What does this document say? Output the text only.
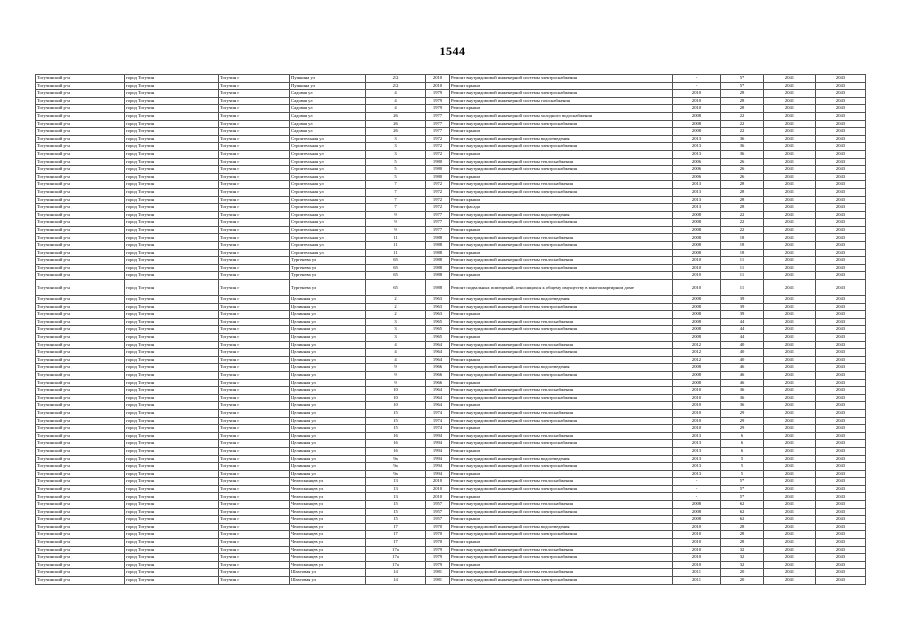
1544
Тогучинский р-н	город Тогучин	Тогучин г	Пушкина ул	2/2	2010	Ремонт внутридомовой инженерной системы электроснабжения	-	5*	2041	2043
Тогучинский р-н	город Тогучин	Тогучин г	Пушкина ул	2/2	2010	Ремонт крыши	-	5*	2041	2043
Тогучинский р-н	город Тогучин	Тогучин г	Садовая ул	4	1979	Ремонт внутридомовой инженерной системы электроснабжения	2010	28	2041	2043
Тогучинский р-н	город Тогучин	Тогучин г	Садовая ул	4	1979	Ремонт внутридомовой инженерной системы газоснабжения	2010	28	2041	2043
Тогучинский р-н	город Тогучин	Тогучин г	Садовая ул	4	1979	Ремонт крыши	2010	28	2041	2043
Тогучинский р-н	город Тогучин	Тогучин г	Садовая ул	26	1977	Ремонт внутридомовой инженерной системы холодного водоснабжения	2008	22	2041	2043
Тогучинский р-н	город Тогучин	Тогучин г	Садовая ул	26	1977	Ремонт внутридомовой инженерной системы электроснабжения	2008	22	2041	2043
Тогучинский р-н	город Тогучин	Тогучин г	Садовая ул	26	1977	Ремонт крыши	2008	22	2041	2043
Тогучинский р-н	город Тогучин	Тогучин г	Строительная ул	3	1972	Ремонт внутридомовой инженерной системы водоотведения	2013	36	2041	2043
Тогучинский р-н	город Тогучин	Тогучин г	Строительная ул	3	1972	Ремонт внутридомовой инженерной системы электроснабжения	2013	36	2041	2043
Тогучинский р-н	город Тогучин	Тогучин г	Строительная ул	3	1972	Ремонт крыши	2013	36	2041	2043
Тогучинский р-н	город Тогучин	Тогучин г	Строительная ул	5	1980	Ремонт внутридомовой инженерной системы теплоснабжения	2006	26	2041	2043
Тогучинский р-н	город Тогучин	Тогучин г	Строительная ул	5	1980	Ремонт внутридомовой инженерной системы электроснабжения	2006	26	2041	2043
Тогучинский р-н	город Тогучин	Тогучин г	Строительная ул	5	1980	Ремонт крыши	2006	26	2041	2043
Тогучинский р-н	город Тогучин	Тогучин г	Строительная ул	7	1972	Ремонт внутридомовой инженерной системы теплоснабжения	2013	28	2041	2043
Тогучинский р-н	город Тогучин	Тогучин г	Строительная ул	7	1972	Ремонт внутридомовой инженерной системы электроснабжения	2013	28	2041	2043
Тогучинский р-н	город Тогучин	Тогучин г	Строительная ул	7	1972	Ремонт крыши	2013	28	2041	2043
Тогучинский р-н	город Тогучин	Тогучин г	Строительная ул	7	1972	Ремонт фасада	2013	28	2041	2043
Тогучинский р-н	город Тогучин	Тогучин г	Строительная ул	9	1977	Ремонт внутридомовой инженерной системы водоотведения	2008	22	2041	2043
Тогучинский р-н	город Тогучин	Тогучин г	Строительная ул	9	1977	Ремонт внутридомовой инженерной системы электроснабжения	2008	22	2041	2043
Тогучинский р-н	город Тогучин	Тогучин г	Строительная ул	9	1977	Ремонт крыши	2008	22	2041	2043
Тогучинский р-н	город Тогучин	Тогучин г	Строительная ул	11	1988	Ремонт внутридомовой инженерной системы теплоснабжения	2008	18	2041	2043
Тогучинский р-н	город Тогучин	Тогучин г	Строительная ул	11	1988	Ремонт внутридомовой инженерной системы электроснабжения	2008	18	2041	2043
Тогучинский р-н	город Тогучин	Тогучин г	Строительная ул	11	1988	Ремонт крыши	2008	18	2041	2043
Тогучинский р-н	город Тогучин	Тогучин г	Тургенева ул	65	1988	Ремонт внутридомовой инженерной системы теплоснабжения	2010	11	2041	2043
Тогучинский р-н	город Тогучин	Тогучин г	Тургенева ул	65	1988	Ремонт внутридомовой инженерной системы электроснабжения	2010	11	2041	2043
Тогучинский р-н	город Тогучин	Тогучин г	Тургенева ул	65	1988	Ремонт крыши	2010	11	2041	2043
Тогучинский р-н	город Тогучин	Тогучин г	Тургенева ул	65	1988	Ремонт подвальных помещений, относящихся к общему имуществу в многоквартирном доме	2010	11	2041	2043
Тогучинский р-н	город Тогучин	Тогучин г	Целинная ул	2	1963	Ремонт внутридомовой инженерной системы водоотведения	2008	39	2041	2043
Тогучинский р-н	город Тогучин	Тогучин г	Целинная ул	2	1963	Ремонт внутридомовой инженерной системы электроснабжения	2008	39	2041	2043
Тогучинский р-н	город Тогучин	Тогучин г	Целинная ул	2	1963	Ремонт крыши	2008	39	2041	2043
Тогучинский р-н	город Тогучин	Тогучин г	Целинная ул	3	1965	Ремонт внутридомовой инженерной системы теплоснабжения	2008	44	2041	2043
Тогучинский р-н	город Тогучин	Тогучин г	Целинная ул	3	1965	Ремонт внутридомовой инженерной системы электроснабжения	2008	44	2041	2043
Тогучинский р-н	город Тогучин	Тогучин г	Целинная ул	3	1965	Ремонт крыши	2008	44	2041	2043
Тогучинский р-н	город Тогучин	Тогучин г	Целинная ул	4	1964	Ремонт внутридомовой инженерной системы теплоснабжения	2012	40	2041	2043
Тогучинский р-н	город Тогучин	Тогучин г	Целинная ул	4	1964	Ремонт внутридомовой инженерной системы электроснабжения	2012	40	2041	2043
Тогучинский р-н	город Тогучин	Тогучин г	Целинная ул	4	1964	Ремонт крыши	2012	40	2041	2043
Тогучинский р-н	город Тогучин	Тогучин г	Целинная ул	9	1966	Ремонт внутридомовой инженерной системы водоотведения	2008	46	2041	2043
Тогучинский р-н	город Тогучин	Тогучин г	Целинная ул	9	1966	Ремонт внутридомовой инженерной системы электроснабжения	2008	46	2041	2043
Тогучинский р-н	город Тогучин	Тогучин г	Целинная ул	9	1966	Ремонт крыши	2008	46	2041	2043
Тогучинский р-н	город Тогучин	Тогучин г	Целинная ул	10	1964	Ремонт внутридомовой инженерной системы теплоснабжения	2010	36	2041	2043
Тогучинский р-н	город Тогучин	Тогучин г	Целинная ул	10	1964	Ремонт внутридомовой инженерной системы электроснабжения	2010	36	2041	2043
Тогучинский р-н	город Тогучин	Тогучин г	Целинная ул	10	1964	Ремонт крыши	2010	36	2041	2043
Тогучинский р-н	город Тогучин	Тогучин г	Целинная ул	15	1974	Ремонт внутридомовой инженерной системы теплоснабжения	2010	29	2041	2043
Тогучинский р-н	город Тогучин	Тогучин г	Целинная ул	15	1974	Ремонт внутридомовой инженерной системы электроснабжения	2010	29	2041	2043
Тогучинский р-н	город Тогучин	Тогучин г	Целинная ул	15	1974	Ремонт крыши	2010	29	2041	2043
Тогучинский р-н	город Тогучин	Тогучин г	Целинная ул	16	1994	Ремонт внутридомовой инженерной системы теплоснабжения	2013	6	2041	2043
Тогучинский р-н	город Тогучин	Тогучин г	Целинная ул	16	1994	Ремонт внутридомовой инженерной системы электроснабжения	2013	6	2041	2043
Тогучинский р-н	город Тогучин	Тогучин г	Целинная ул	16	1994	Ремонт крыши	2013	6	2041	2043
Тогучинский р-н	город Тогучин	Тогучин г	Целинная ул	9а	1994	Ремонт внутридомовой инженерной системы водоотведения	2013	5	2041	2043
Тогучинский р-н	город Тогучин	Тогучин г	Целинная ул	9а	1994	Ремонт внутридомовой инженерной системы электроснабжения	2013	5	2041	2043
Тогучинский р-н	город Тогучин	Тогучин г	Целинная ул	9а	1994	Ремонт крыши	2013	5	2041	2043
Тогучинский р-н	город Тогучин	Тогучин г	Челюскинцев ул	13	2010	Ремонт внутридомовой инженерной системы теплоснабжения	-	5*	2041	2043
Тогучинский р-н	город Тогучин	Тогучин г	Челюскинцев ул	13	2010	Ремонт внутридомовой инженерной системы электроснабжения	-	5*	2041	2043
Тогучинский р-н	город Тогучин	Тогучин г	Челюскинцев ул	13	2010	Ремонт крыши	-	5*	2041	2043
Тогучинский р-н	город Тогучин	Тогучин г	Челюскинцев ул	15	1957	Ремонт внутридомовой инженерной системы теплоснабжения	2008	62	2041	2043
Тогучинский р-н	город Тогучин	Тогучин г	Челюскинцев ул	15	1957	Ремонт внутридомовой инженерной системы электроснабжения	2008	62	2041	2043
Тогучинский р-н	город Тогучин	Тогучин г	Челюскинцев ул	15	1957	Ремонт крыши	2008	62	2041	2043
Тогучинский р-н	город Тогучин	Тогучин г	Челюскинцев ул	17	1970	Ремонт внутридомовой инженерной системы водоотведения	2010	28	2041	2043
Тогучинский р-н	город Тогучин	Тогучин г	Челюскинцев ул	17	1970	Ремонт внутридомовой инженерной системы электроснабжения	2010	28	2041	2043
Тогучинский р-н	город Тогучин	Тогучин г	Челюскинцев ул	17	1970	Ремонт крыши	2010	28	2041	2043
Тогучинский р-н	город Тогучин	Тогучин г	Челюскинцев ул	17а	1979	Ремонт внутридомовой инженерной системы теплоснабжения	2010	32	2041	2043
Тогучинский р-н	город Тогучин	Тогучин г	Челюскинцев ул	17а	1979	Ремонт внутридомовой инженерной системы электроснабжения	2010	32	2041	2043
Тогучинский р-н	город Тогучин	Тогучин г	Челюскинцев ул	17а	1979	Ремонт крыши	2010	32	2041	2043
Тогучинский р-н	город Тогучин	Тогучин г	Шахтовая ул	14	1981	Ремонт внутридомовой инженерной системы теплоснабжения	2011	20	2041	2043
Тогучинский р-н	город Тогучин	Тогучин г	Шахтовая ул	14	1981	Ремонт внутридомовой инженерной системы электроснабжения	2011	20	2041	2043
